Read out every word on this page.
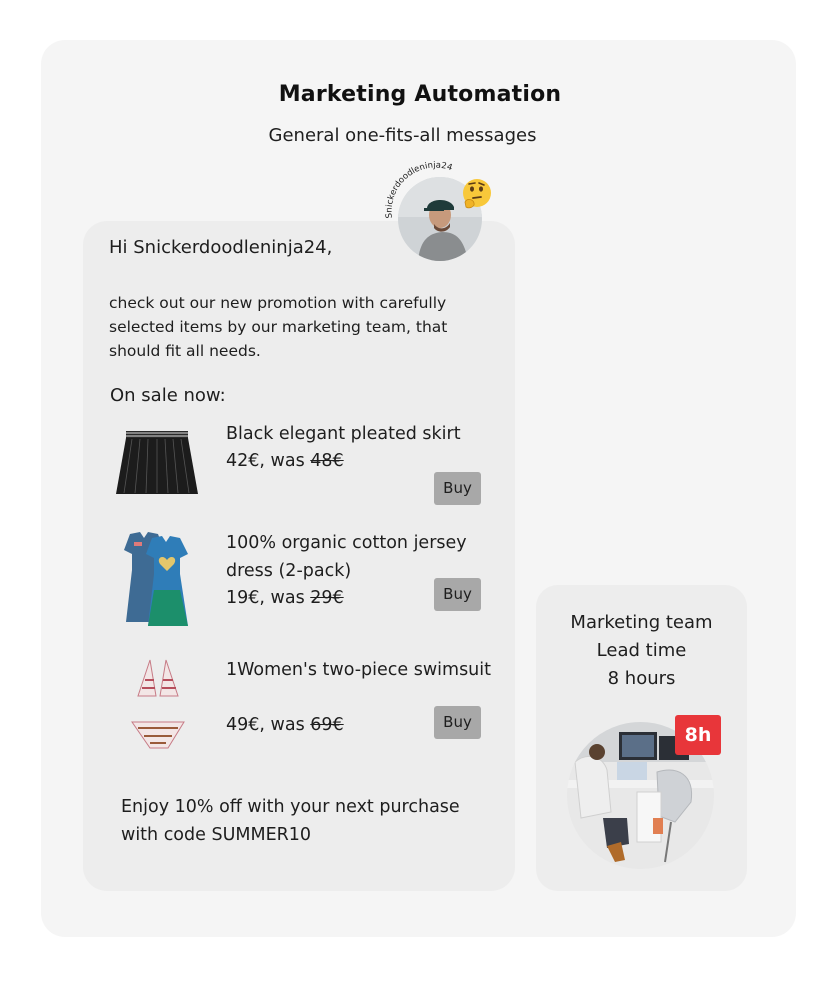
Marketing Automation
General one-fits-all messages
Snickerdoodleninja24
Hi Snickerdoodleninja24,
check out our new promotion with carefully selected items by our marketing team, that should fit all needs.
On sale now:
Black elegant pleated skirt
42€, was 48€
Buy
100% organic cotton jersey dress (2-pack)
19€, was 29€	Buy
1Women's two-piece swimsuit
49€, was 69€	Buy
Enjoy 10% off with your next purchase with code SUMMER10
Marketing team
Lead time
8 hours
8h
